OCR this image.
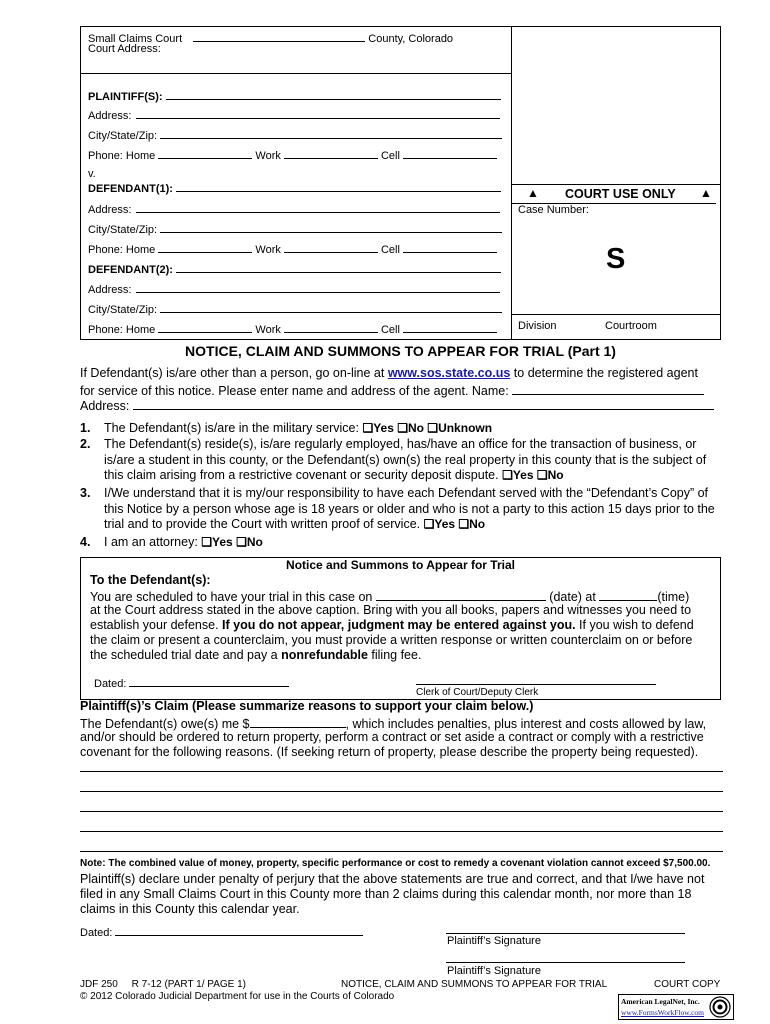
Small Claims Court	County, Colorado
Court Address:
PLAINTIFF(S):
Address:
City/State/Zip:
Phone: Home	Work	Cell
v.
DEFENDANT(1):
Address:
City/State/Zip:
Phone: Home	Work	Cell
DEFENDANT(2):
Address:
City/State/Zip:
Phone: Home	Work	Cell
▲ COURT USE ONLY ▲
Case Number:
S
Division	Courtroom
NOTICE, CLAIM AND SUMMONS TO APPEAR FOR TRIAL (Part 1)
If Defendant(s) is/are other than a person, go on-line at www.sos.state.co.us to determine the registered agent
for service of this notice. Please enter name and address of the agent. Name:
Address:
1. The Defendant(s) is/are in the military service: ❑Yes ❑No ❑Unknown
2. The Defendant(s) reside(s), is/are regularly employed, has/have an office for the transaction of business, or is/are a student in this county, or the Defendant(s) own(s) the real property in this county that is the subject of this claim arising from a restrictive covenant or security deposit dispute. ❑Yes ❑No
3. I/We understand that it is my/our responsibility to have each Defendant served with the “Defendant’s Copy” of this Notice by a person whose age is 18 years or older and who is not a party to this action 15 days prior to the trial and to provide the Court with written proof of service. ❑Yes ❑No
4. I am an attorney: ❑Yes ❑No
Notice and Summons to Appear for Trial
To the Defendant(s):
You are scheduled to have your trial in this case on	(date) at	(time)
at the Court address stated in the above caption. Bring with you all books, papers and witnesses you need to
establish your defense. If you do not appear, judgment may be entered against you. If you wish to defend
the claim or present a counterclaim, you must provide a written response or written counterclaim on or before
the scheduled trial date and pay a nonrefundable filing fee.
Dated:
Clerk of Court/Deputy Clerk
Plaintiff(s)’s Claim (Please summarize reasons to support your claim below.)
The Defendant(s) owe(s) me $	, which includes penalties, plus interest and costs allowed by law,
and/or should be ordered to return property, perform a contract or set aside a contract or comply with a restrictive
covenant for the following reasons. (If seeking return of property, please describe the property being requested).
Note: The combined value of money, property, specific performance or cost to remedy a covenant violation cannot exceed $7,500.00.
Plaintiff(s) declare under penalty of perjury that the above statements are true and correct, and that I/we have not
filed in any Small Claims Court in this County more than 2 claims during this calendar month, nor more than 18
claims in this County this calendar year.
Dated:
Plaintiff’s Signature
Plaintiff’s Signature
JDF 250     R 7-12 (PART 1/ PAGE 1)	NOTICE, CLAIM AND SUMMONS TO APPEAR FOR TRIAL	COURT COPY
© 2012 Colorado Judicial Department for use in the Courts of Colorado	American LegalNet, Inc.
www.FormsWorkFlow.com
